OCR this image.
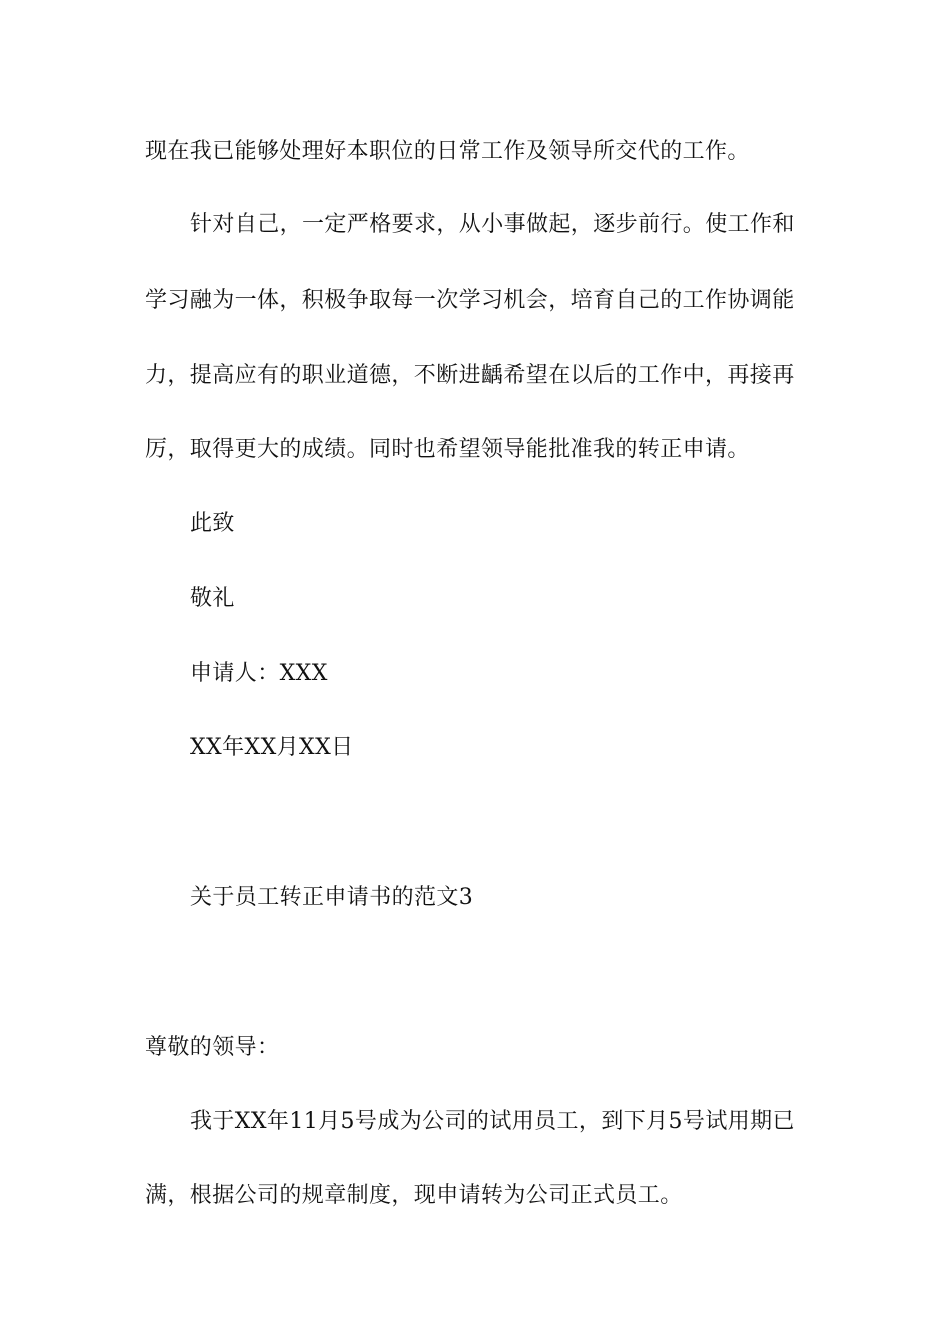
现在我已能够处理好本职位的日常工作及领导所交代的工作。
针对自己，一定严格要求，从小事做起，逐步前行。使工作和
学习融为一体，积极争取每一次学习机会，培育自己的工作协调能
力，提高应有的职业道德，不断进齲希望在以后的工作中，再接再
厉，取得更大的成绩。同时也希望领导能批准我的转正申请。
此致
敬礼
申请人：XXX
XX年XX月XX日
关于员工转正申请书的范文3
尊敬的领导：
我于XX年11月5号成为公司的试用员工，到下月5号试用期已
满，根据公司的规章制度，现申请转为公司正式员工。
